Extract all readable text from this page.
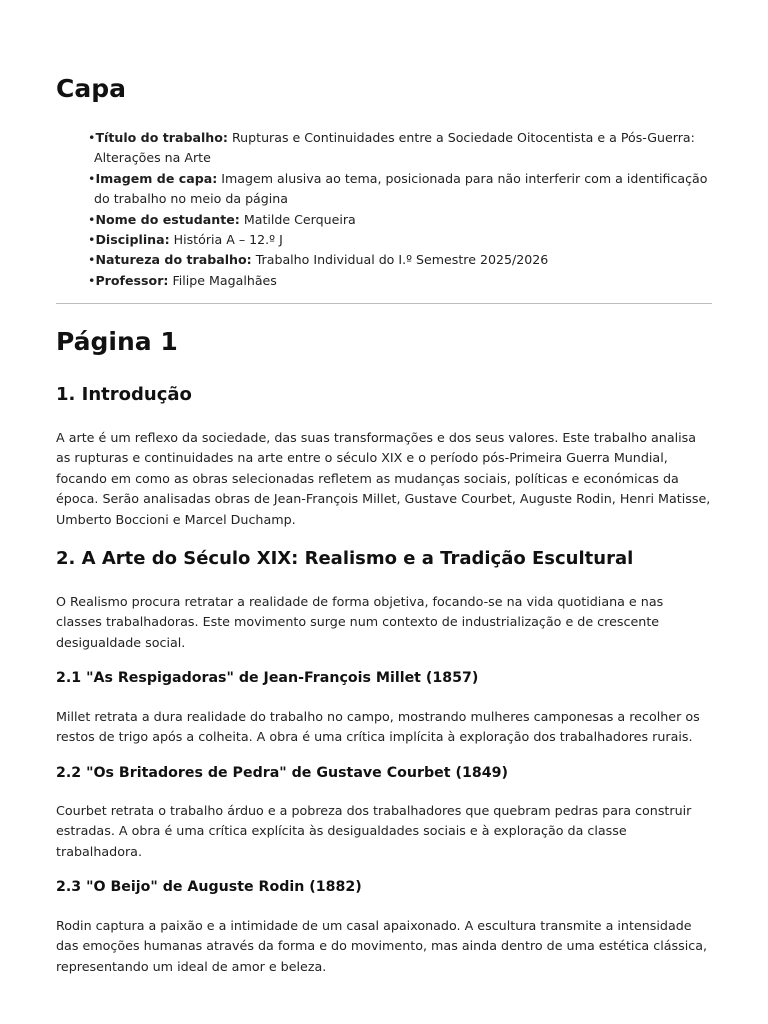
Capa
•Título do trabalho: Rupturas e Continuidades entre a Sociedade Oitocentista e a Pós-Guerra:
Alterações na Arte
•Imagem de capa: Imagem alusiva ao tema, posicionada para não interferir com a identificação
do trabalho no meio da página
•Nome do estudante: Matilde Cerqueira
•Disciplina: História A – 12.º J
•Natureza do trabalho: Trabalho Individual do I.º Semestre 2025/2026
•Professor: Filipe Magalhães
Página 1
1. Introdução

A arte é um reflexo da sociedade, das suas transformações e dos seus valores. Este trabalho analisa as rupturas e continuidades na arte entre o século XIX e o período pós-Primeira Guerra Mundial, focando em como as obras selecionadas refletem as mudanças sociais, políticas e económicas da época. Serão analisadas obras de Jean-François Millet, Gustave Courbet, Auguste Rodin, Henri Matisse, Umberto Boccioni e Marcel Duchamp.

2. A Arte do Século XIX: Realismo e a Tradição Escultural

O Realismo procura retratar a realidade de forma objetiva, focando-se na vida quotidiana e nas classes trabalhadoras. Este movimento surge num contexto de industrialização e de crescente desigualdade social.

2.1 "As Respigadoras" de Jean-François Millet (1857)

Millet retrata a dura realidade do trabalho no campo, mostrando mulheres camponesas a recolher os restos de trigo após a colheita. A obra é uma crítica implícita à exploração dos trabalhadores rurais.

2.2 "Os Britadores de Pedra" de Gustave Courbet (1849)

Courbet retrata o trabalho árduo e a pobreza dos trabalhadores que quebram pedras para construir estradas. A obra é uma crítica explícita às desigualdades sociais e à exploração da classe trabalhadora.

2.3 "O Beijo" de Auguste Rodin (1882)

Rodin captura a paixão e a intimidade de um casal apaixonado. A escultura transmite a intensidade das emoções humanas através da forma e do movimento, mas ainda dentro de uma estética clássica, representando um ideal de amor e beleza.
